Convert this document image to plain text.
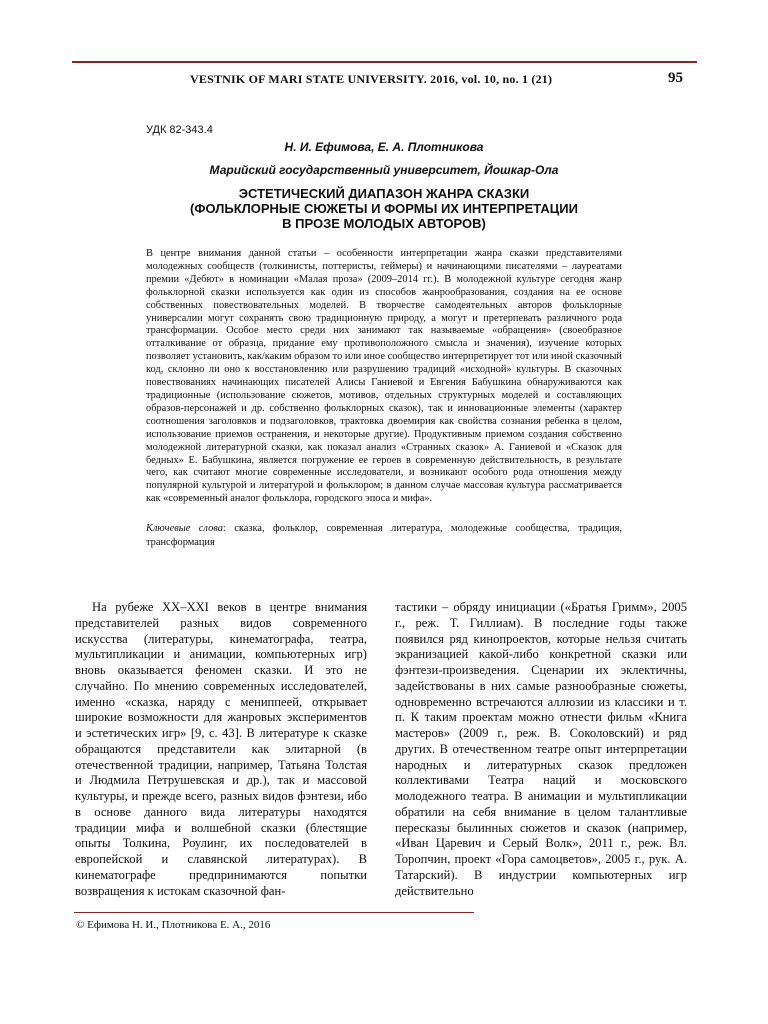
VESTNIK OF MARI STATE UNIVERSITY. 2016, vol. 10, no. 1 (21)	95
УДК 82-343.4
Н. И. Ефимова, Е. А. Плотникова
Марийский государственный университет, Йошкар-Ола
ЭСТЕТИЧЕСКИЙ ДИАПАЗОН ЖАНРА СКАЗКИ
(ФОЛЬКЛОРНЫЕ СЮЖЕТЫ И ФОРМЫ ИХ ИНТЕРПРЕТАЦИИ
В ПРОЗЕ МОЛОДЫХ АВТОРОВ)

В центре внимания данной статьи – особенности интерпретации жанра сказки представителями молодежных сообществ (толкинисты, поттеристы, геймеры) и начинающими писателями – лауреатами премии «Дебют» в номинации «Малая проза» (2009–2014 гг.). В молодежной культуре сегодня жанр фольклорной сказки используется как один из способов жанрообразования, создания на ее основе собственных повествовательных моделей. В творчестве самодеятельных авторов фольклорные универсалии могут сохранять свою традиционную природу, а могут и претерпевать различного рода трансформации. Особое место среди них занимают так называемые «обращения» (своеобразное отталкивание от образца, придание ему противоположного смысла и значения), изучение которых позволяет установить, как/каким образом то или иное сообщество интерпретирует тот или иной сказочный код, склонно ли оно к восстановлению или разрушению традиций «исходной» культуры. В сказочных повествованиях начинающих писателей Алисы Ганиевой и Евгения Бабушкина обнаруживаются как традиционные (использование сюжетов, мотивов, отдельных структурных моделей и составляющих образов-персонажей и др. собственно фольклорных сказок), так и инновационные элементы (характер соотношения заголовков и подзаголовков, трактовка двоемирия как свойства сознания ребенка в целом, использование приемов остранения, и некоторые другие). Продуктивным приемом создания собственно молодежной литературной сказки, как показал анализ «Странных сказок» А. Ганиевой и «Сказок для бедных» Е. Бабушкина, является погружение ее героев в современную действительность, в результате чего, как считают многие современные исследователи, и возникают особого рода отношения между популярной культурой и литературой и фольклором; в данном случае массовая культура рассматривается как «современный аналог фольклора, городского эпоса и мифа».

Ключевые слова: сказка, фольклор, современная литература, молодежные сообщества, традиция, трансформация

На рубеже XX–XXI веков в центре внимания представителей разных видов современного искусства (литературы, кинематографа, театра, мультипликации и анимации, компьютерных игр) вновь оказывается феномен сказки. И это не случайно. По мнению современных исследователей, именно «сказка, наряду с мениппеей, открывает широкие возможности для жанровых экспериментов и эстетических игр» [9, с. 43]. В литературе к сказке обращаются представители как элитарной (в отечественной традиции, например, Татьяна Толстая и Людмила Петрушевская и др.), так и массовой культуры, и прежде всего, разных видов фэнтези, ибо в основе данного вида литературы находятся традиции мифа и волшебной сказки (блестящие опыты Толкина, Роулинг, их последователей в европейской и славянской литературах). В кинематографе предпринимаются попытки возвращения к истокам сказочной фан-

тастики – обряду инициации («Братья Гримм», 2005 г., реж. Т. Гиллиам). В последние годы также появился ряд кинопроектов, которые нельзя считать экранизацией какой-либо конкретной сказки или фэнтези-произведения. Сценарии их эклектичны, задействованы в них самые разнообразные сюжеты, одновременно встречаются аллюзии из классики и т. п. К таким проектам можно отнести фильм «Книга мастеров» (2009 г., реж. В. Соколовский) и ряд других. В отечественном театре опыт интерпретации народных и литературных сказок предложен коллективами Театра наций и московского молодежного театра. В анимации и мультипликации обратили на себя внимание в целом талантливые пересказы былинных сюжетов и сказок (например, «Иван Царевич и Серый Волк», 2011 г., реж. Вл. Торопчин, проект «Гора самоцветов», 2005 г., рук. А. Татарский). В индустрии компьютерных игр действительно

© Ефимова Н. И., Плотникова Е. А., 2016
